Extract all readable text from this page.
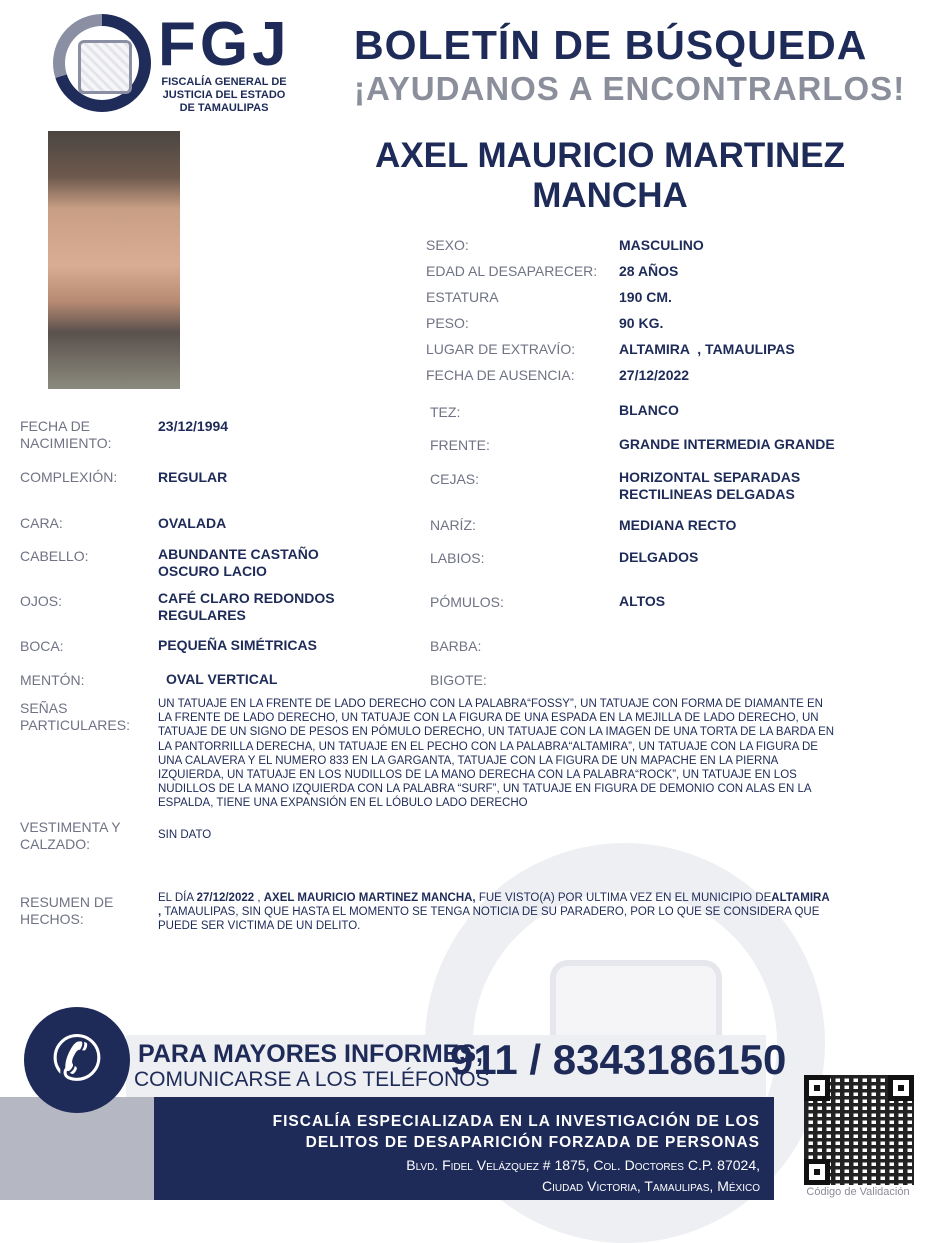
FGJ
FISCALÍA GENERAL DE
JUSTICIA DEL ESTADO
DE TAMAULIPAS
BOLETÍN DE BÚSQUEDA
¡AYUDANOS A ENCONTRARLOS!
AXEL MAURICIO MARTINEZ
MANCHA
SEXO:	MASCULINO
EDAD AL DESAPARECER: 28 AÑOS
ESTATURA	190 CM.
PESO:	90 KG.
LUGAR DE EXTRAVÍO:	ALTAMIRA  , TAMAULIPAS
FECHA DE AUSENCIA:	27/12/2022
FECHA DE
NACIMIENTO:
23/12/1994
COMPLEXIÓN:	REGULAR
CARA:	OVALADA
CABELLO:	ABUNDANTE CASTAÑO
OSCURO LACIO
OJOS:	CAFÉ CLARO REDONDOS
REGULARES
BOCA:	PEQUEÑA SIMÉTRICAS
MENTÓN:	OVAL VERTICAL
TEZ:	BLANCO
FRENTE:	GRANDE INTERMEDIA GRANDE
CEJAS:	HORIZONTAL SEPARADAS
RECTILINEAS DELGADAS
NARÍZ:	MEDIANA RECTO
LABIOS:	DELGADOS
PÓMULOS:	ALTOS
BARBA:
BIGOTE:
SEÑAS
PARTICULARES:
UN TATUAJE EN LA FRENTE DE LADO DERECHO CON LA PALABRA“FOSSY”, UN TATUAJE CON FORMA DE DIAMANTE EN
LA FRENTE DE LADO DERECHO, UN TATUAJE CON LA FIGURA DE UNA ESPADA EN LA MEJILLA DE LADO DERECHO, UN
TATUAJE DE UN SIGNO DE PESOS EN PÓMULO DERECHO, UN TATUAJE CON LA IMAGEN DE UNA TORTA DE LA BARDA EN
LA PANTORRILLA DERECHA, UN TATUAJE EN EL PECHO CON LA PALABRA“ALTAMIRA”, UN TATUAJE CON LA FIGURA DE
UNA CALAVERA Y EL NUMERO 833 EN LA GARGANTA, TATUAJE CON LA FIGURA DE UN MAPACHE EN LA PIERNA
IZQUIERDA, UN TATUAJE EN LOS NUDILLOS DE LA MANO DERECHA CON LA PALABRA“ROCK”, UN TATUAJE EN LOS
NUDILLOS DE LA MANO IZQUIERDA CON LA PALABRA “SURF”, UN TATUAJE EN FIGURA DE DEMONIO CON ALAS EN LA
ESPALDA, TIENE UNA EXPANSIÓN EN EL LÓBULO LADO DERECHO
VESTIMENTA Y
CALZADO:
SIN DATO
RESUMEN DE
HECHOS:
EL DÍA 27/12/2022 , AXEL MAURICIO MARTINEZ MANCHA, FUE VISTO(A) POR ULTIMA VEZ EN EL MUNICIPIO DEALTAMIRA
, TAMAULIPAS, SIN QUE HASTA EL MOMENTO SE TENGA NOTICIA DE SU PARADERO, POR LO QUE SE CONSIDERA QUE
PUEDE SER VICTIMA DE UN DELITO.
✆	PARA MAYORES INFORMES,
COMUNICARSE A LOS TELÉFONOS
911 / 8343186150
FISCALÍA ESPECIALIZADA EN LA INVESTIGACIÓN DE LOS
DELITOS DE DESAPARICIÓN FORZADA DE PERSONAS
Blvd. Fidel Velázquez # 1875, Col. Doctores C.P. 87024,
Ciudad Victoria, Tamaulipas, México	Código de Validación
